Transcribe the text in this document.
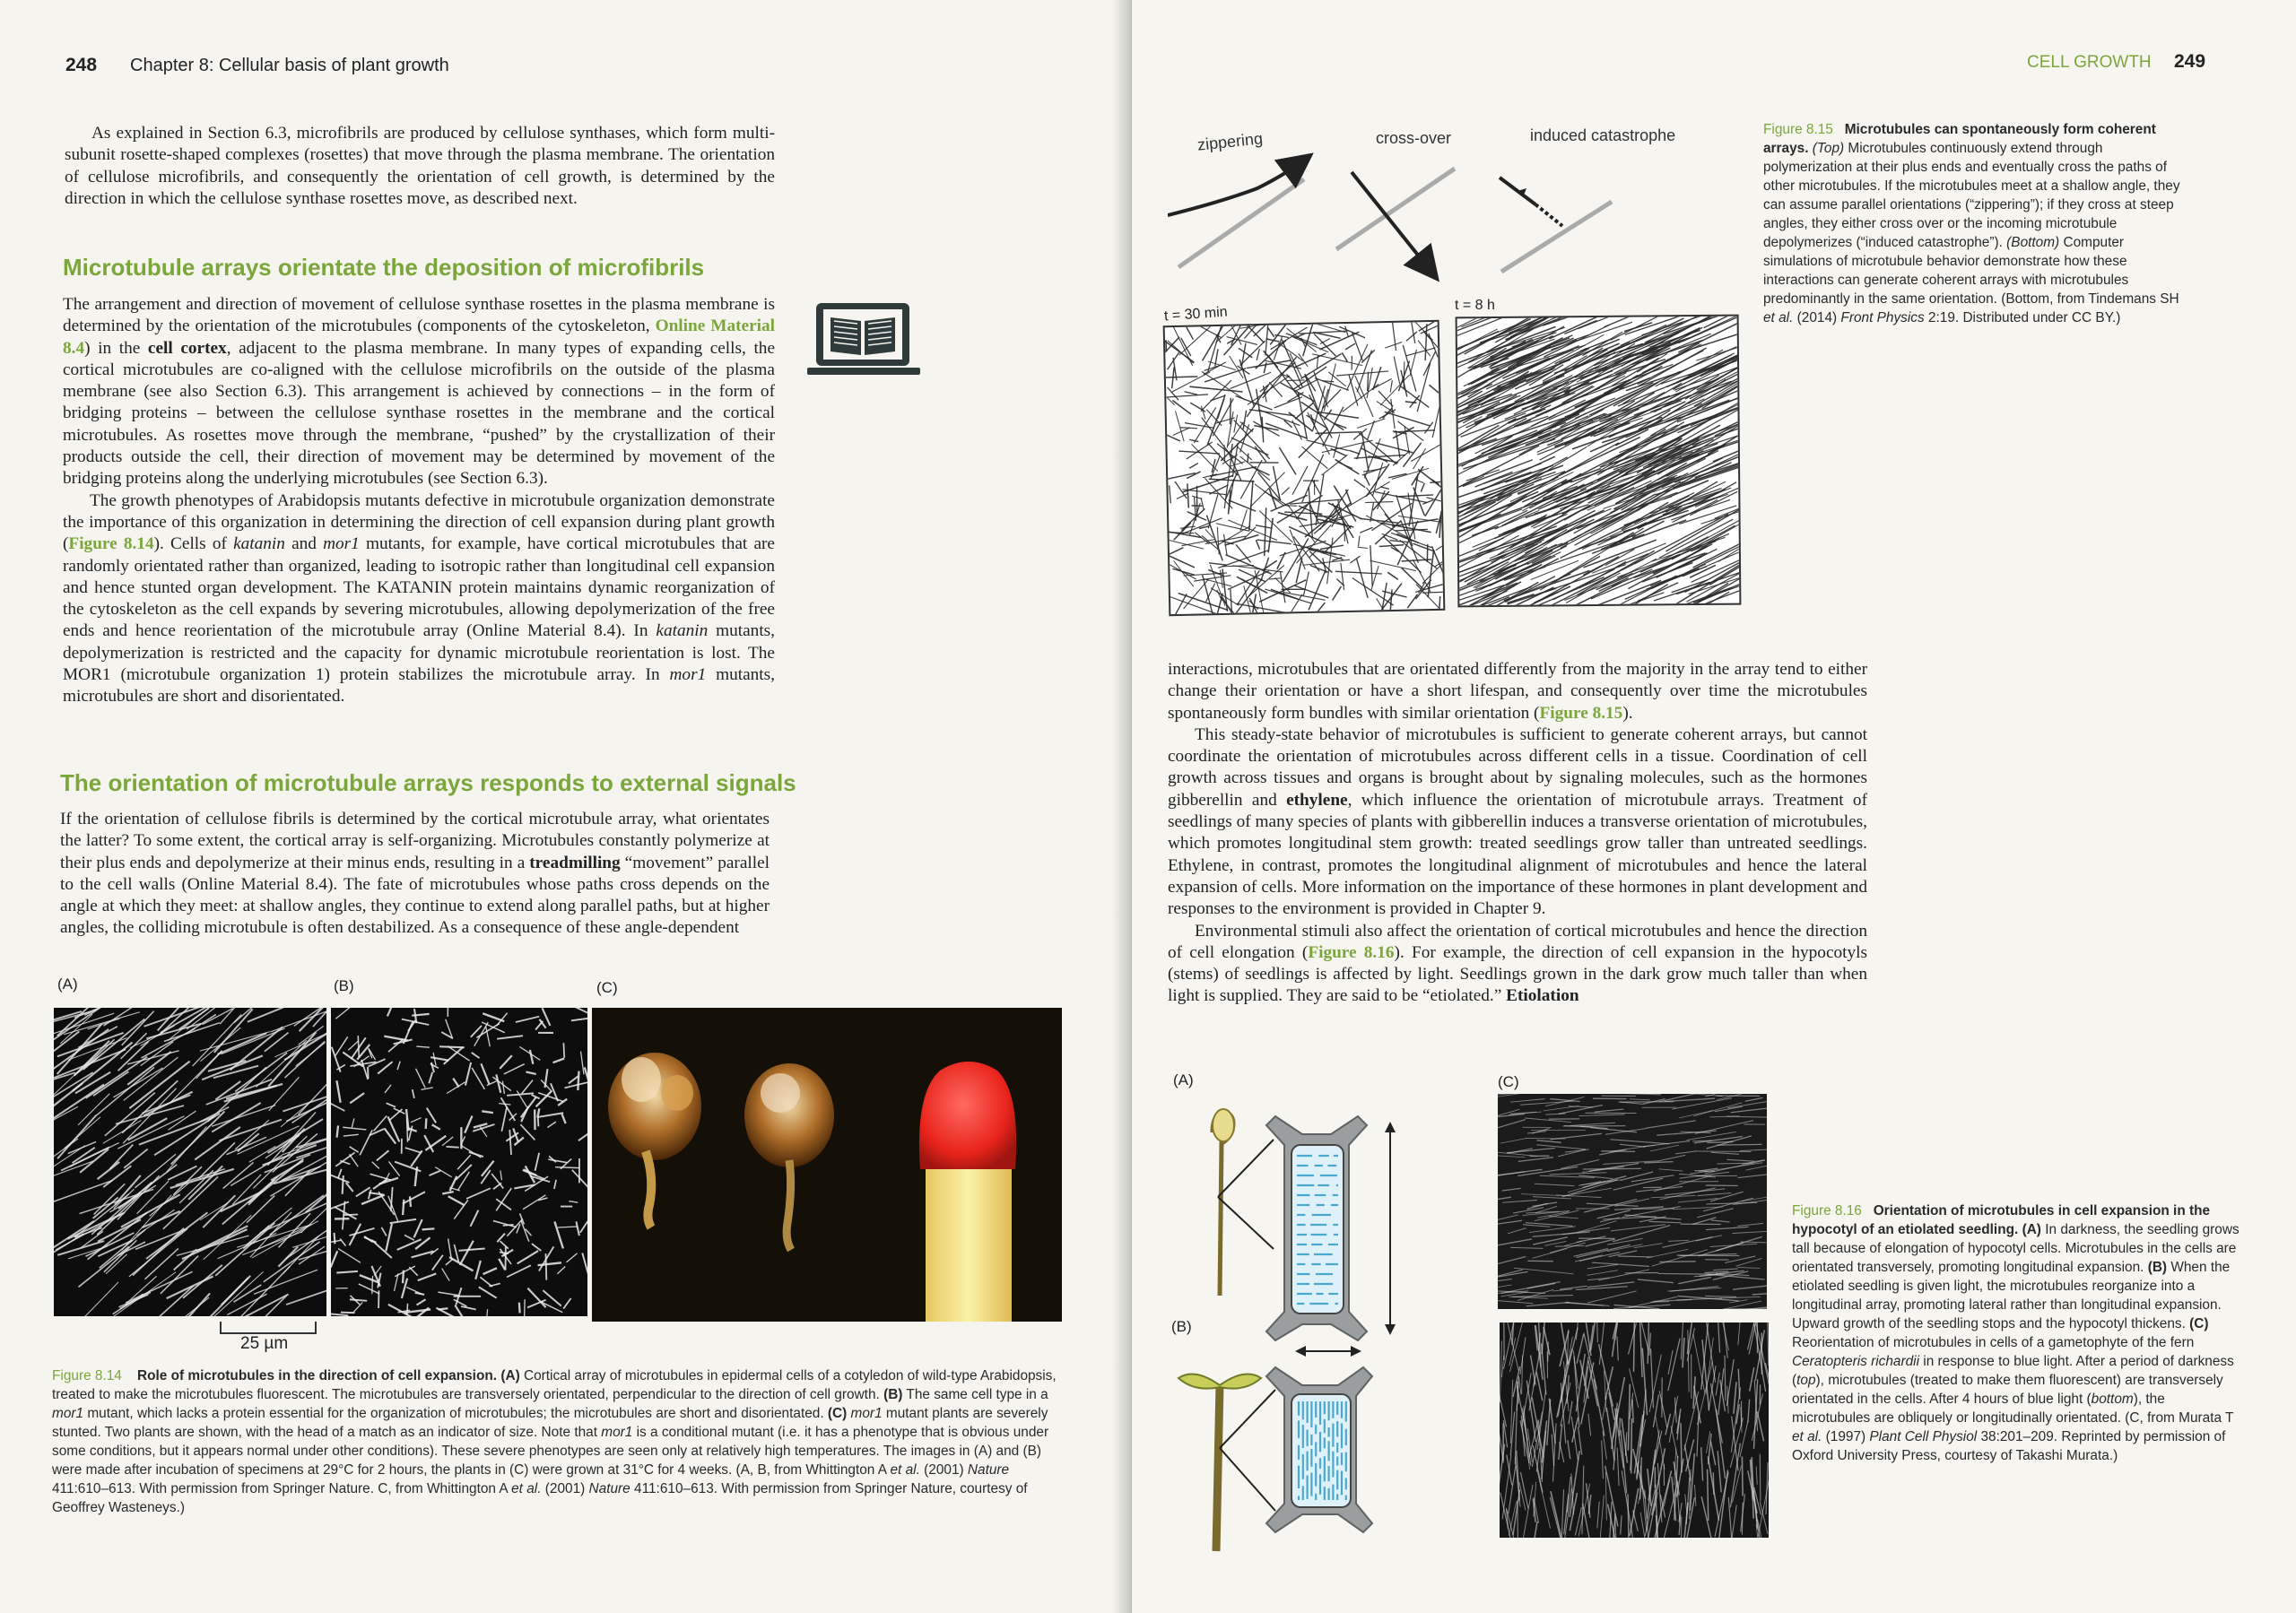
248 Chapter 8: Cellular basis of plant growth

As explained in Section 6.3, microfibrils are produced by cellulose synthases, which form multi-subunit rosette-shaped complexes (rosettes) that move through the plasma membrane. The orientation of cellulose microfibrils, and consequently the orientation of cell growth, is determined by the direction in which the cellulose synthase rosettes move, as described next.

Microtubule arrays orientate the deposition of microfibrils

The arrangement and direction of movement of cellulose synthase rosettes in the plasma membrane is determined by the orientation of the microtubules (components of the cytoskeleton, Online Material 8.4) in the cell cortex, adjacent to the plasma membrane. In many types of expanding cells, the cortical microtubules are co-aligned with the cellulose microfibrils on the outside of the plasma membrane (see also Section 6.3). This arrangement is achieved by connections – in the form of bridging proteins – between the cellulose synthase rosettes in the membrane and the cortical microtubules. As rosettes move through the membrane, “pushed” by the crystallization of their products outside the cell, their direction of movement may be determined by movement of the bridging proteins along the underlying microtubules (see Section 6.3).

The growth phenotypes of Arabidopsis mutants defective in microtubule organization demonstrate the importance of this organization in determining the direction of cell expansion during plant growth (Figure 8.14). Cells of katanin and mor1 mutants, for example, have cortical microtubules that are randomly orientated rather than organized, leading to isotropic rather than longitudinal cell expansion and hence stunted organ development. The KATANIN protein maintains dynamic reorganization of the cytoskeleton as the cell expands by severing microtubules, allowing depolymerization of the free ends and hence reorientation of the microtubule array (Online Material 8.4). In katanin mutants, depolymerization is restricted and the capacity for dynamic microtubule reorientation is lost. The MOR1 (microtubule organization 1) protein stabilizes the microtubule array. In mor1 mutants, microtubules are short and disorientated.

The orientation of microtubule arrays responds to external signals

If the orientation of cellulose fibrils is determined by the cortical microtubule array, what orientates the latter? To some extent, the cortical array is self-organizing. Microtubules constantly polymerize at their plus ends and depolymerize at their minus ends, resulting in a treadmilling “movement” parallel to the cell walls (Online Material 8.4). The fate of microtubules whose paths cross depends on the angle at which they meet: at shallow angles, they continue to extend along parallel paths, but at higher angles, the colliding microtubule is often destabilized. As a consequence of these angle-dependent

(A)	(B)	(C)
25 µm
Figure 8.14 Role of microtubules in the direction of cell expansion. (A) Cortical array of microtubules in epidermal cells of a cotyledon of wild-type Arabidopsis, treated to make the microtubules fluorescent. The microtubules are transversely orientated, perpendicular to the direction of cell growth. (B) The same cell type in a mor1 mutant, which lacks a protein essential for the organization of microtubules; the microtubules are short and disorientated. (C) mor1 mutant plants are severely stunted. Two plants are shown, with the head of a match as an indicator of size. Note that mor1 is a conditional mutant (i.e. it has a phenotype that is obvious under some conditions, but it appears normal under other conditions). These severe phenotypes are seen only at relatively high temperatures. The images in (A) and (B) were made after incubation of specimens at 29°C for 2 hours, the plants in (C) were grown at 31°C for 4 weeks. (A, B, from Whittington A et al. (2001) Nature 411:610–613. With permission from Springer Nature. C, from Whittington A et al. (2001) Nature 411:610–613. With permission from Springer Nature, courtesy of Geoffrey Wasteneys.)
CELL GROWTH 249
zippering	cross-over	induced catastrophe
t = 30 min	t = 8 h
Figure 8.15 Microtubules can spontaneously form coherent arrays. (Top) Microtubules continuously extend through polymerization at their plus ends and eventually cross the paths of other microtubules. If the microtubules meet at a shallow angle, they can assume parallel orientations (“zippering”); if they cross at steep angles, they either cross over or the incoming microtubule depolymerizes (“induced catastrophe”). (Bottom) Computer simulations of microtubule behavior demonstrate how these interactions can generate coherent arrays with microtubules predominantly in the same orientation. (Bottom, from Tindemans SH et al. (2014) Front Physics 2:19. Distributed under CC BY.)

interactions, microtubules that are orientated differently from the majority in the array tend to either change their orientation or have a short lifespan, and consequently over time the microtubules spontaneously form bundles with similar orientation (Figure 8.15).

This steady-state behavior of microtubules is sufficient to generate coherent arrays, but cannot coordinate the orientation of microtubules across different cells in a tissue. Coordination of cell growth across tissues and organs is brought about by signaling molecules, such as the hormones gibberellin and ethylene, which influence the orientation of microtubule arrays. Treatment of seedlings of many species of plants with gibberellin induces a transverse orientation of microtubules, which promotes longitudinal stem growth: treated seedlings grow taller than untreated seedlings. Ethylene, in contrast, promotes the longitudinal alignment of microtubules and hence the lateral expansion of cells. More information on the importance of these hormones in plant development and responses to the environment is provided in Chapter 9.

Environmental stimuli also affect the orientation of cortical microtubules and hence the direction of cell elongation (Figure 8.16). For example, the direction of cell expansion in the hypocotyls (stems) of seedlings is affected by light. Seedlings grown in the dark grow much taller than when light is supplied. They are said to be “etiolated.” Etiolation

(A)
(B)
(C)
Figure 8.16 Orientation of microtubules in cell expansion in the hypocotyl of an etiolated seedling. (A) In darkness, the seedling grows tall because of elongation of hypocotyl cells. Microtubules in the cells are orientated transversely, promoting longitudinal expansion. (B) When the etiolated seedling is given light, the microtubules reorganize into a longitudinal array, promoting lateral rather than longitudinal expansion. Upward growth of the seedling stops and the hypocotyl thickens. (C) Reorientation of microtubules in cells of a gametophyte of the fern Ceratopteris richardii in response to blue light. After a period of darkness (top), microtubules (treated to make them fluorescent) are transversely orientated in the cells. After 4 hours of blue light (bottom), the microtubules are obliquely or longitudinally orientated. (C, from Murata T et al. (1997) Plant Cell Physiol 38:201–209. Reprinted by permission of Oxford University Press, courtesy of Takashi Murata.)
